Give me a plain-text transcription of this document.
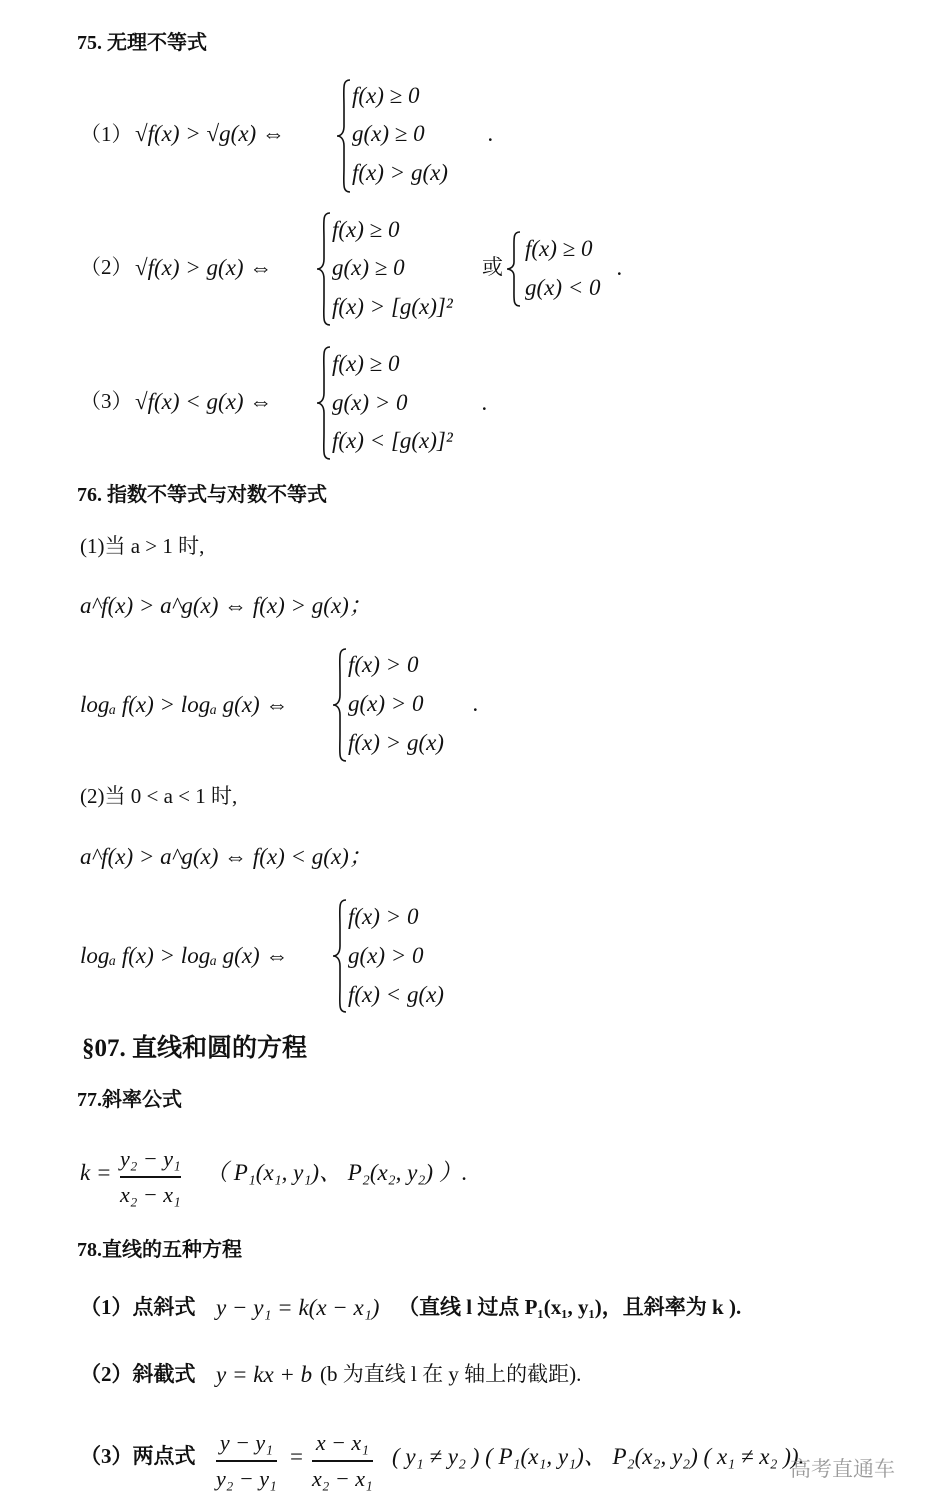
75. 无理不等式
（1） √f(x) > √g(x) ⇔
f(x) ≥ 0
g(x) ≥ 0
f(x) > g(x)
.
（2） √f(x) > g(x) ⇔
f(x) ≥ 0
g(x) ≥ 0
f(x) > [g(x)]²
或
f(x) ≥ 0
g(x) < 0
.
（3） √f(x) < g(x) ⇔
f(x) ≥ 0
g(x) > 0
f(x) < [g(x)]²
.
76. 指数不等式与对数不等式
(1)当 a > 1 时,
a^f(x) > a^g(x) ⇔ f(x) > g(x)；
logₐ f(x) > logₐ g(x) ⇔
f(x) > 0
g(x) > 0
f(x) > g(x)
.
(2)当 0 < a < 1 时,
a^f(x) > a^g(x) ⇔ f(x) < g(x)；
logₐ f(x) > logₐ g(x) ⇔
f(x) > 0
g(x) > 0
f(x) < g(x)
§07. 直线和圆的方程
77.斜率公式
k =
y₂ − y₁
x₂ − x₁
（ P₁(x₁, y₁)、 P₂(x₂, y₂) ）.
78.直线的五种方程
（1）点斜式 y − y₁ = k(x − x₁) （直线 l 过点 P₁(x₁, y₁)，且斜率为 k ).
（2）斜截式 y = kx + b (b 为直线 l 在 y 轴上的截距).
（3）两点式
y − y₁
y₂ − y₁
=
x − x₁
x₂ − x₁
( y₁ ≠ y₂ ) ( P₁(x₁, y₁)、 P₂(x₂, y₂) ( x₁ ≠ x₂ )).
高考直通车
